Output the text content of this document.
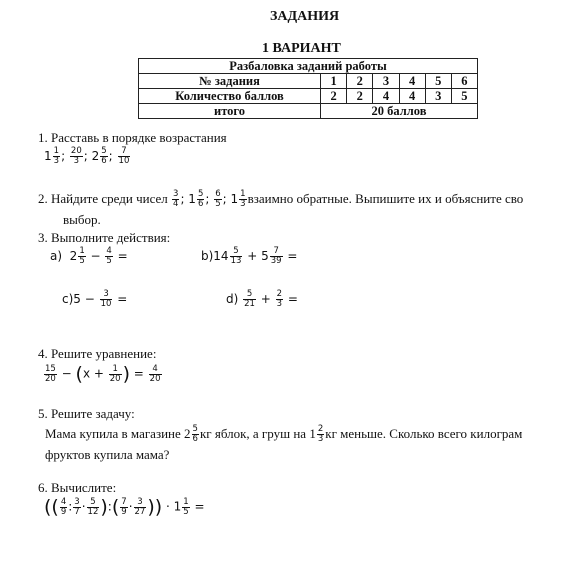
ЗАДАНИЯ
1 ВАРИАНТ
Разбаловка заданий работы						
№ задания	1	2	3	4	5	6
Количество баллов	2	2	4	4	3	5
итого	20 баллов					
1. Расставь в порядке возрастания
$1 \frac{1}{3}$ ; $\frac{20}{3}$ ; $2 \frac{5}{6}$ ; $\frac{7}{10}$
2. Найдите среди чисел $\frac{3}{4}$ ; $1 \frac{5}{6}$ ; $\frac{6}{5}$ ; $1 \frac{1}{3}$ взаимно обратные. Выпишите их и объясните сво
выбор.
3. Выполните действия:
а)  $2 \frac{1}{5} - \frac{4}{5}$ =	$b)14 \frac{5}{13} + 5 \frac{7}{39}$ =
$c)5 - \frac{3}{10}$ =	$d) \frac{5}{21} + \frac{2}{3}$ =
4. Решите уравнение:
$\frac{15}{20} - (x + \frac{1}{20}$ ) = $\frac{4}{20}$
5. Решите задачу:
Мама купила в магазине $2 \frac{5}{6}$ кг яблок, а груш на $1 \frac{2}{3}$ кг меньше. Сколько всего килограм
фруктов купила мама?
6. Вычислите:
(( $\frac{4}{9}$ : $\frac{3}{7} \cdot \frac{5}{12}$ ):( $\frac{7}{9} \cdot \frac{3}{27}$ )) · $1 \frac{1}{5}$ =
